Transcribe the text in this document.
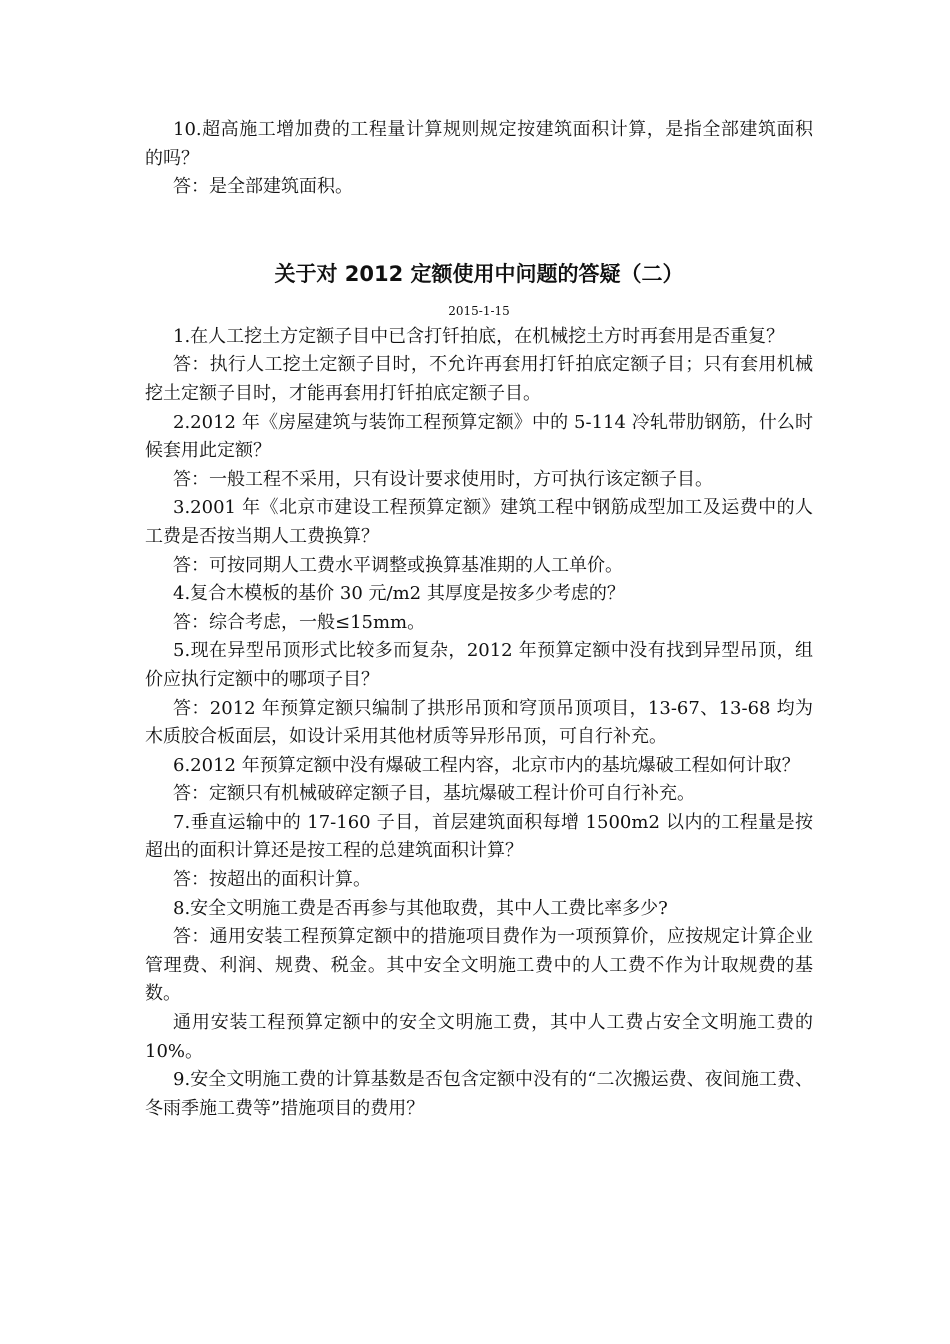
10.超高施工增加费的工程量计算规则规定按建筑面积计算，是指全部建筑面积的吗？

答：是全部建筑面积。

关于对 2012 定额使用中问题的答疑（二）

2015-1-15

1.在人工挖土方定额子目中已含打钎拍底，在机械挖土方时再套用是否重复？

答：执行人工挖土定额子目时，不允许再套用打钎拍底定额子目；只有套用机械挖土定额子目时，才能再套用打钎拍底定额子目。

2.2012 年《房屋建筑与装饰工程预算定额》中的 5-114 冷轧带肋钢筋，什么时候套用此定额？

答：一般工程不采用，只有设计要求使用时，方可执行该定额子目。

3.2001 年《北京市建设工程预算定额》建筑工程中钢筋成型加工及运费中的人工费是否按当期人工费换算？

答：可按同期人工费水平调整或换算基准期的人工单价。

4.复合木模板的基价 30 元/m2 其厚度是按多少考虑的？

答：综合考虑，一般≤15mm。

5.现在异型吊顶形式比较多而复杂，2012 年预算定额中没有找到异型吊顶，组价应执行定额中的哪项子目？

答：2012 年预算定额只编制了拱形吊顶和穹顶吊顶项目，13-67、13-68 均为木质胶合板面层，如设计采用其他材质等异形吊顶，可自行补充。

6.2012 年预算定额中没有爆破工程内容，北京市内的基坑爆破工程如何计取？

答：定额只有机械破碎定额子目，基坑爆破工程计价可自行补充。

7.垂直运输中的 17-160 子目，首层建筑面积每增 1500m2 以内的工程量是按超出的面积计算还是按工程的总建筑面积计算？

答：按超出的面积计算。

8.安全文明施工费是否再参与其他取费，其中人工费比率多少?

答：通用安装工程预算定额中的措施项目费作为一项预算价，应按规定计算企业管理费、利润、规费、税金。其中安全文明施工费中的人工费不作为计取规费的基数。

通用安装工程预算定额中的安全文明施工费，其中人工费占安全文明施工费的 10%。

9.安全文明施工费的计算基数是否包含定额中没有的“二次搬运费、夜间施工费、冬雨季施工费等”措施项目的费用？
